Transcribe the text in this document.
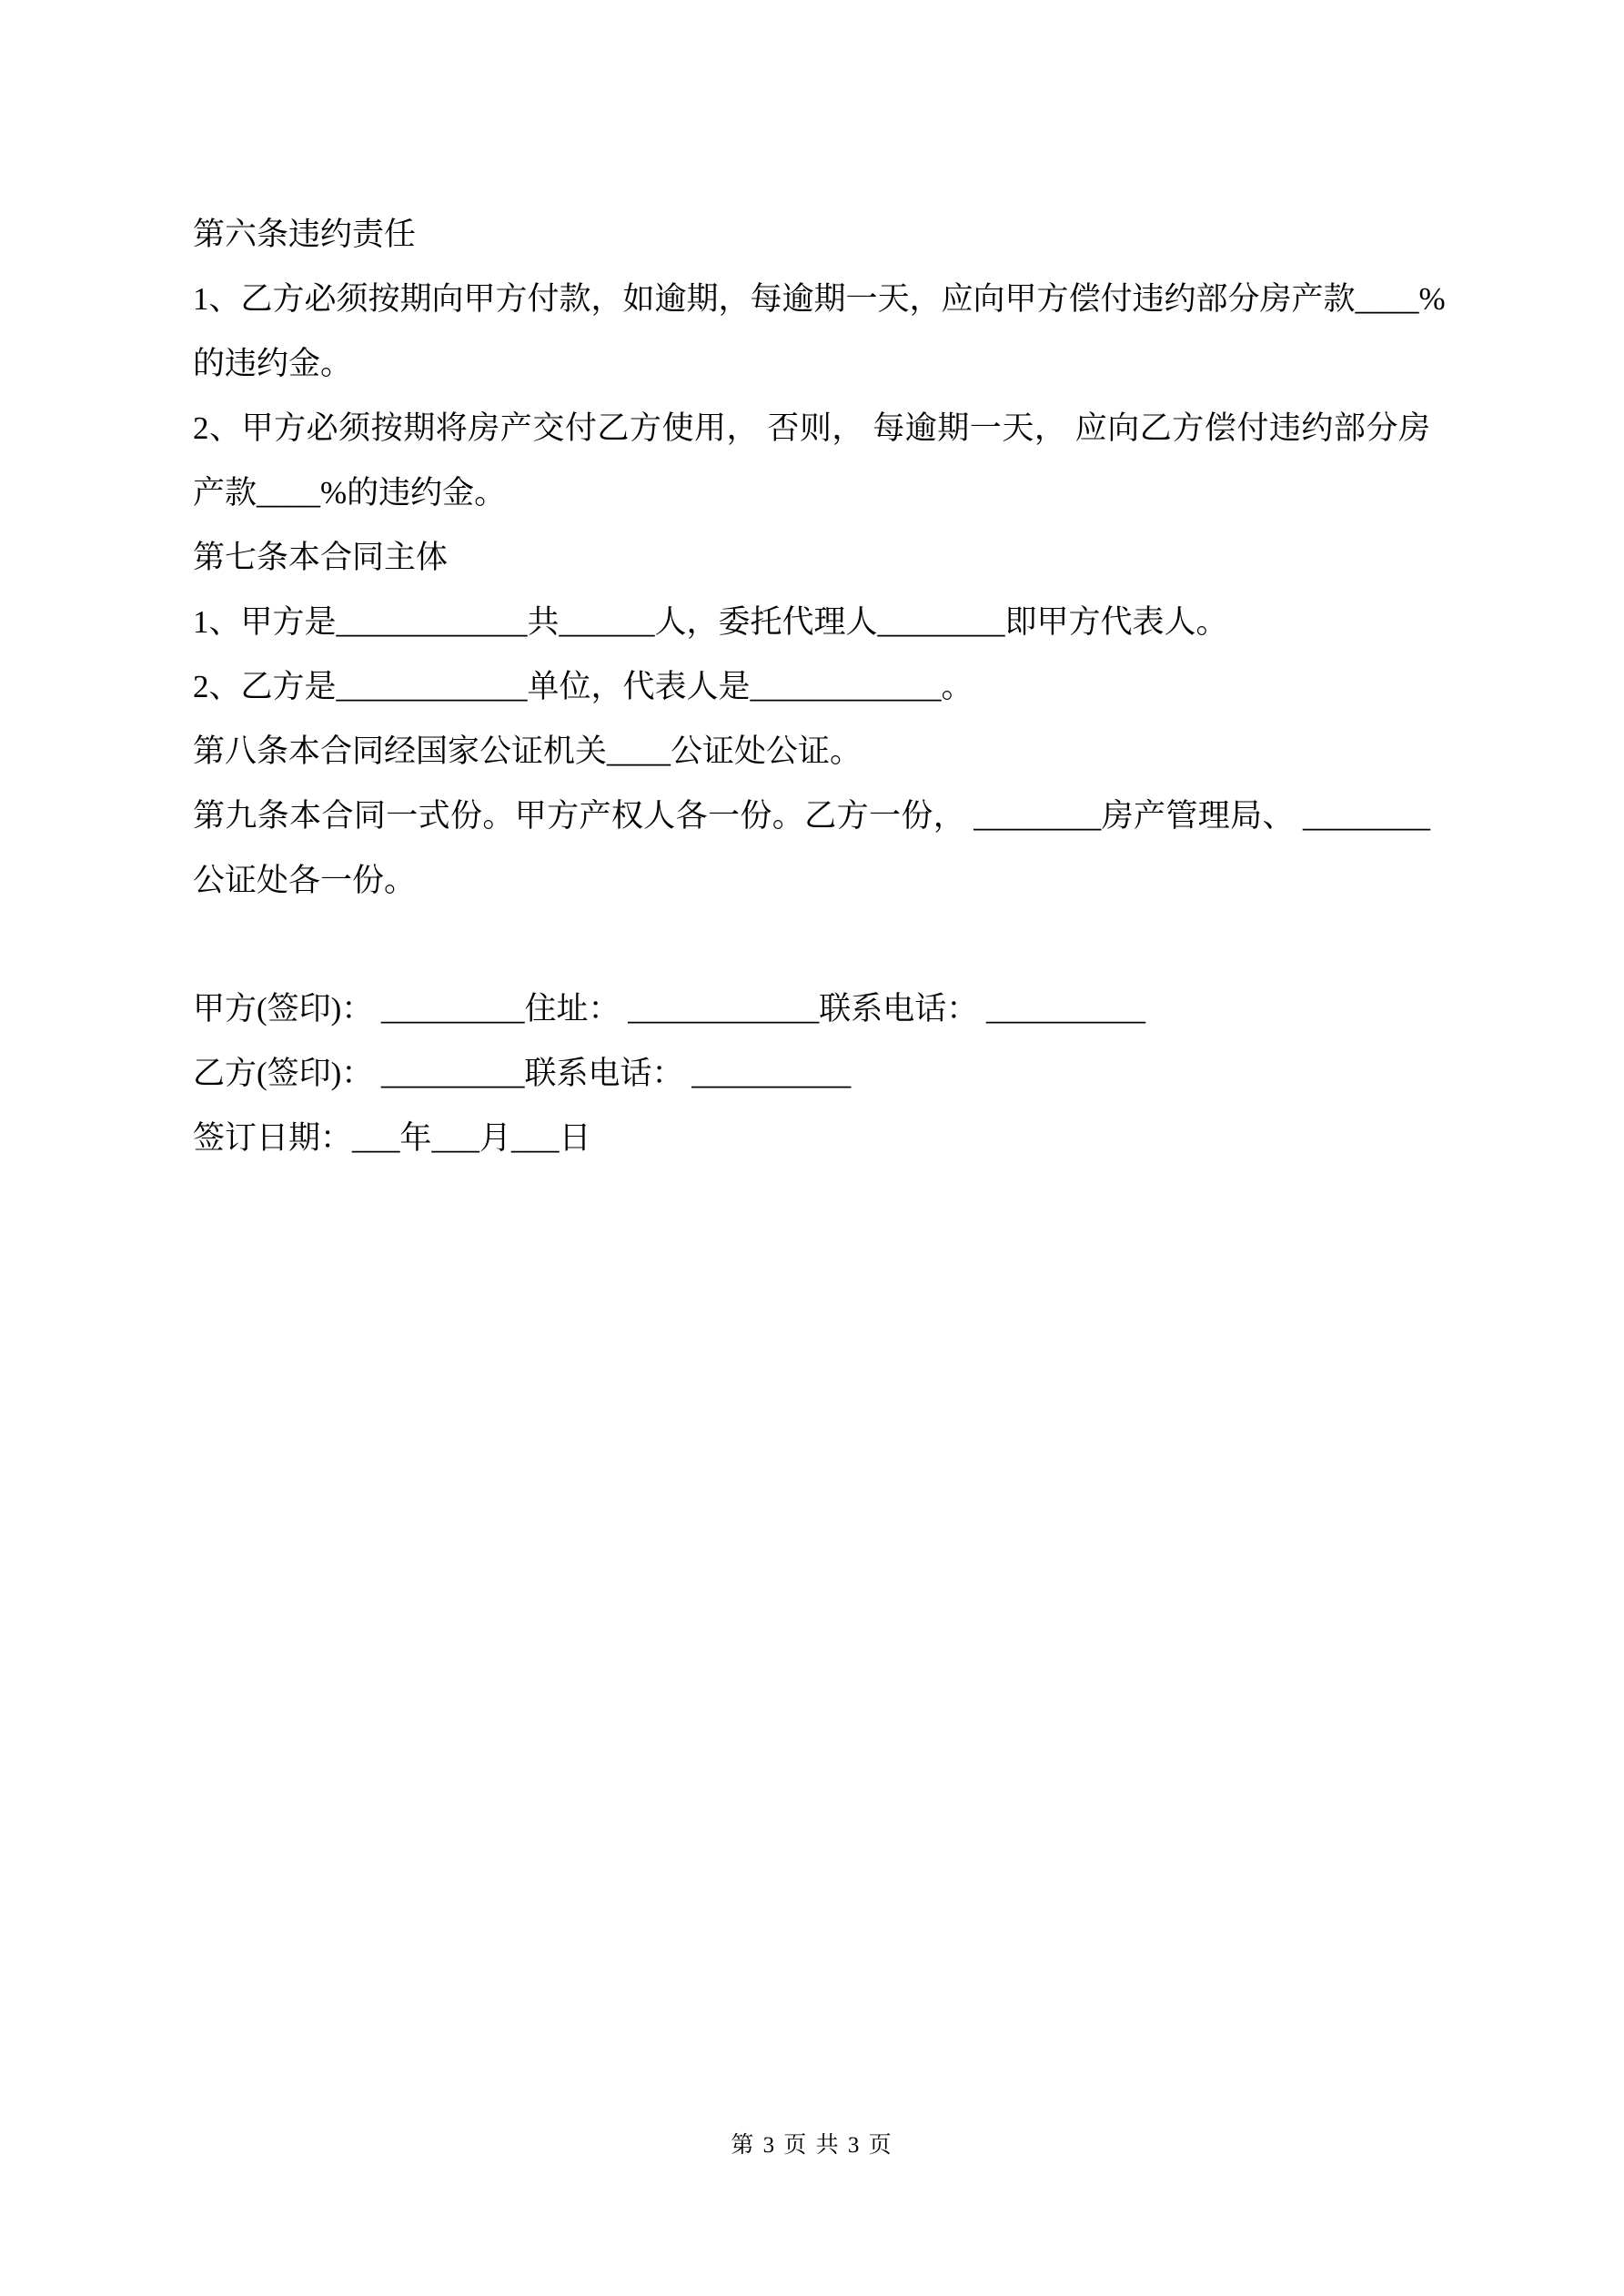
第六条违约责任
1、乙方必须按期向甲方付款，如逾期，每逾期一天，应向甲方偿付违约部分房产款____%
的违约金。
2、甲方必须按期将房产交付乙方使用， 否则， 每逾期一天， 应向乙方偿付违约部分房
产款____%的违约金。
第七条本合同主体
1、甲方是____________共______人，委托代理人________即甲方代表人。
2、乙方是____________单位，代表人是____________。
第八条本合同经国家公证机关____公证处公证。
第九条本合同一式份。甲方产权人各一份。乙方一份， ________房产管理局、 ________
公证处各一份。
甲方(签印)： _________住址： ____________联系电话： __________
乙方(签印)： _________联系电话： __________
签订日期：___年___月___日
第 3 页 共 3 页
